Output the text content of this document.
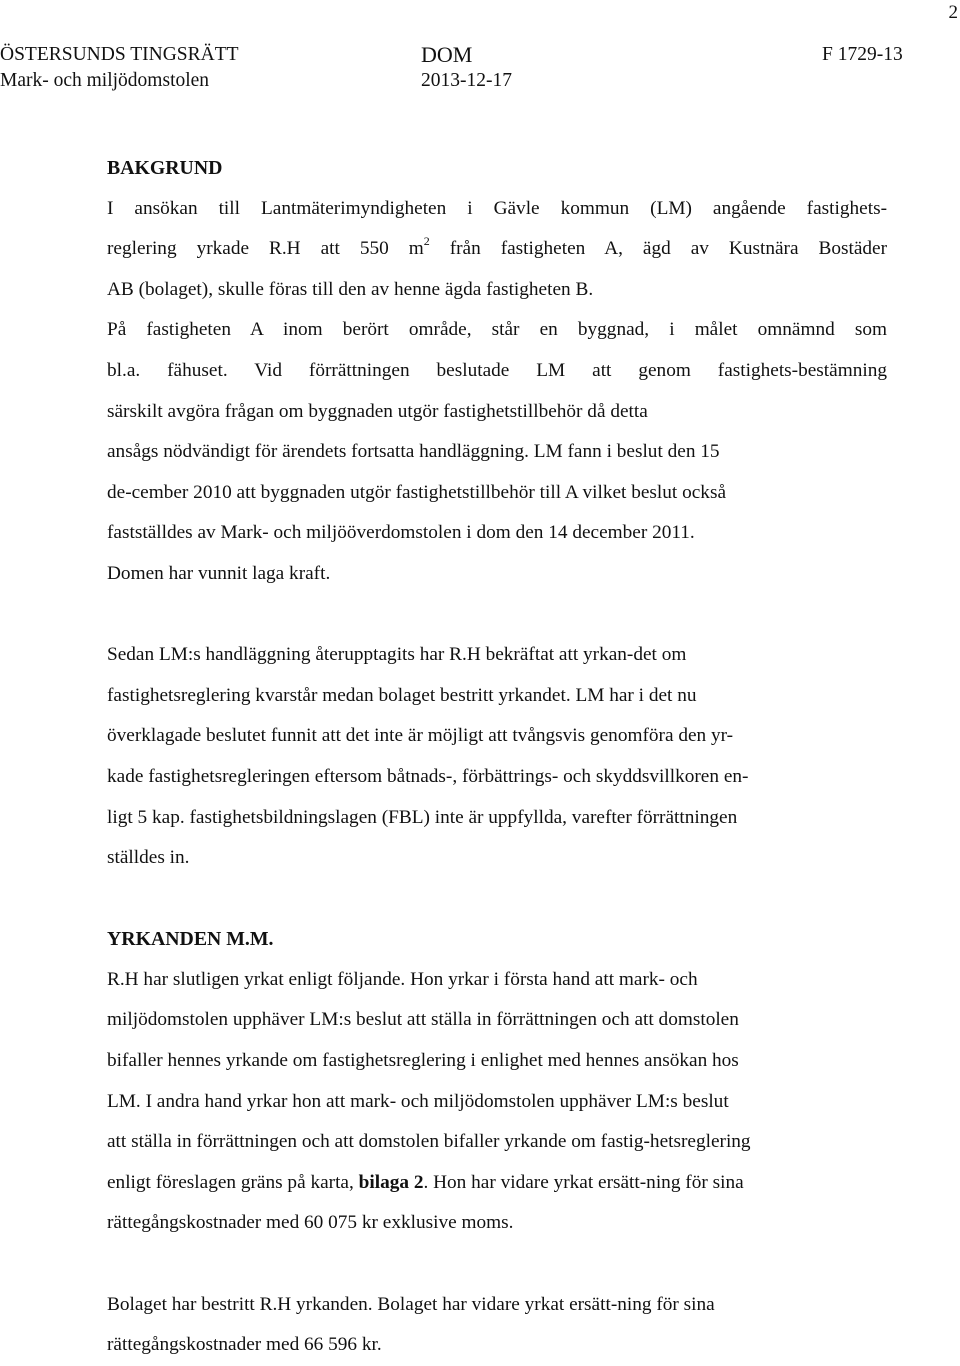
ÖSTERSUNDS TINGSRÄTT
Mark- och miljödomstolen
DOM
2013-12-17
F 1729-13
2
BAKGRUND

I ansökan till Lantmäterimyndigheten i Gävle kommun (LM) angående fastighets-
reglering yrkade R.H att 550 $m^2$ från fastigheten A, ägd av Kustnära Bostäder
AB (bolaget), skulle föras till den av henne ägda fastigheten B.
På fastigheten A inom berört område, står en byggnad, i målet omnämnd som
bl.a. fähuset. Vid förrättningen beslutade LM att genom fastighets-bestämning
särskilt avgöra frågan om byggnaden utgör fastighetstillbehör då detta
ansågs nödvändigt för ärendets fortsatta handläggning. LM fann i beslut den 15
de-cember 2010 att byggnaden utgör fastighetstillbehör till A vilket beslut också
fastställdes av Mark- och miljööverdomstolen i dom den 14 december 2011.
Domen har vunnit laga kraft.

Sedan LM:s handläggning återupptagits har R.H bekräftat att yrkan-det om
fastighetsreglering kvarstår medan bolaget bestritt yrkandet. LM har i det nu
överklagade beslutet funnit att det inte är möjligt att tvångsvis genomföra den yr-
kade fastighetsregleringen eftersom båtnads-, förbättrings- och skyddsvillkoren en-
ligt 5 kap. fastighetsbildningslagen (FBL) inte är uppfyllda, varefter förrättningen
ställdes in.

YRKANDEN M.M.

R.H har slutligen yrkat enligt följande. Hon yrkar i första hand att mark- och
miljödomstolen upphäver LM:s beslut att ställa in förrättningen och att domstolen
bifaller hennes yrkande om fastighetsreglering i enlighet med hennes ansökan hos
LM. I andra hand yrkar hon att mark- och miljödomstolen upphäver LM:s beslut
att ställa in förrättningen och att domstolen bifaller yrkande om fastig-hetsreglering
enligt föreslagen gräns på karta, bilaga 2. Hon har vidare yrkat ersätt-ning för sina
rättegångskostnader med 60 075 kr exklusive moms.

Bolaget har bestritt R.H yrkanden. Bolaget har vidare yrkat ersätt-ning för sina
rättegångskostnader med 66 596 kr.
